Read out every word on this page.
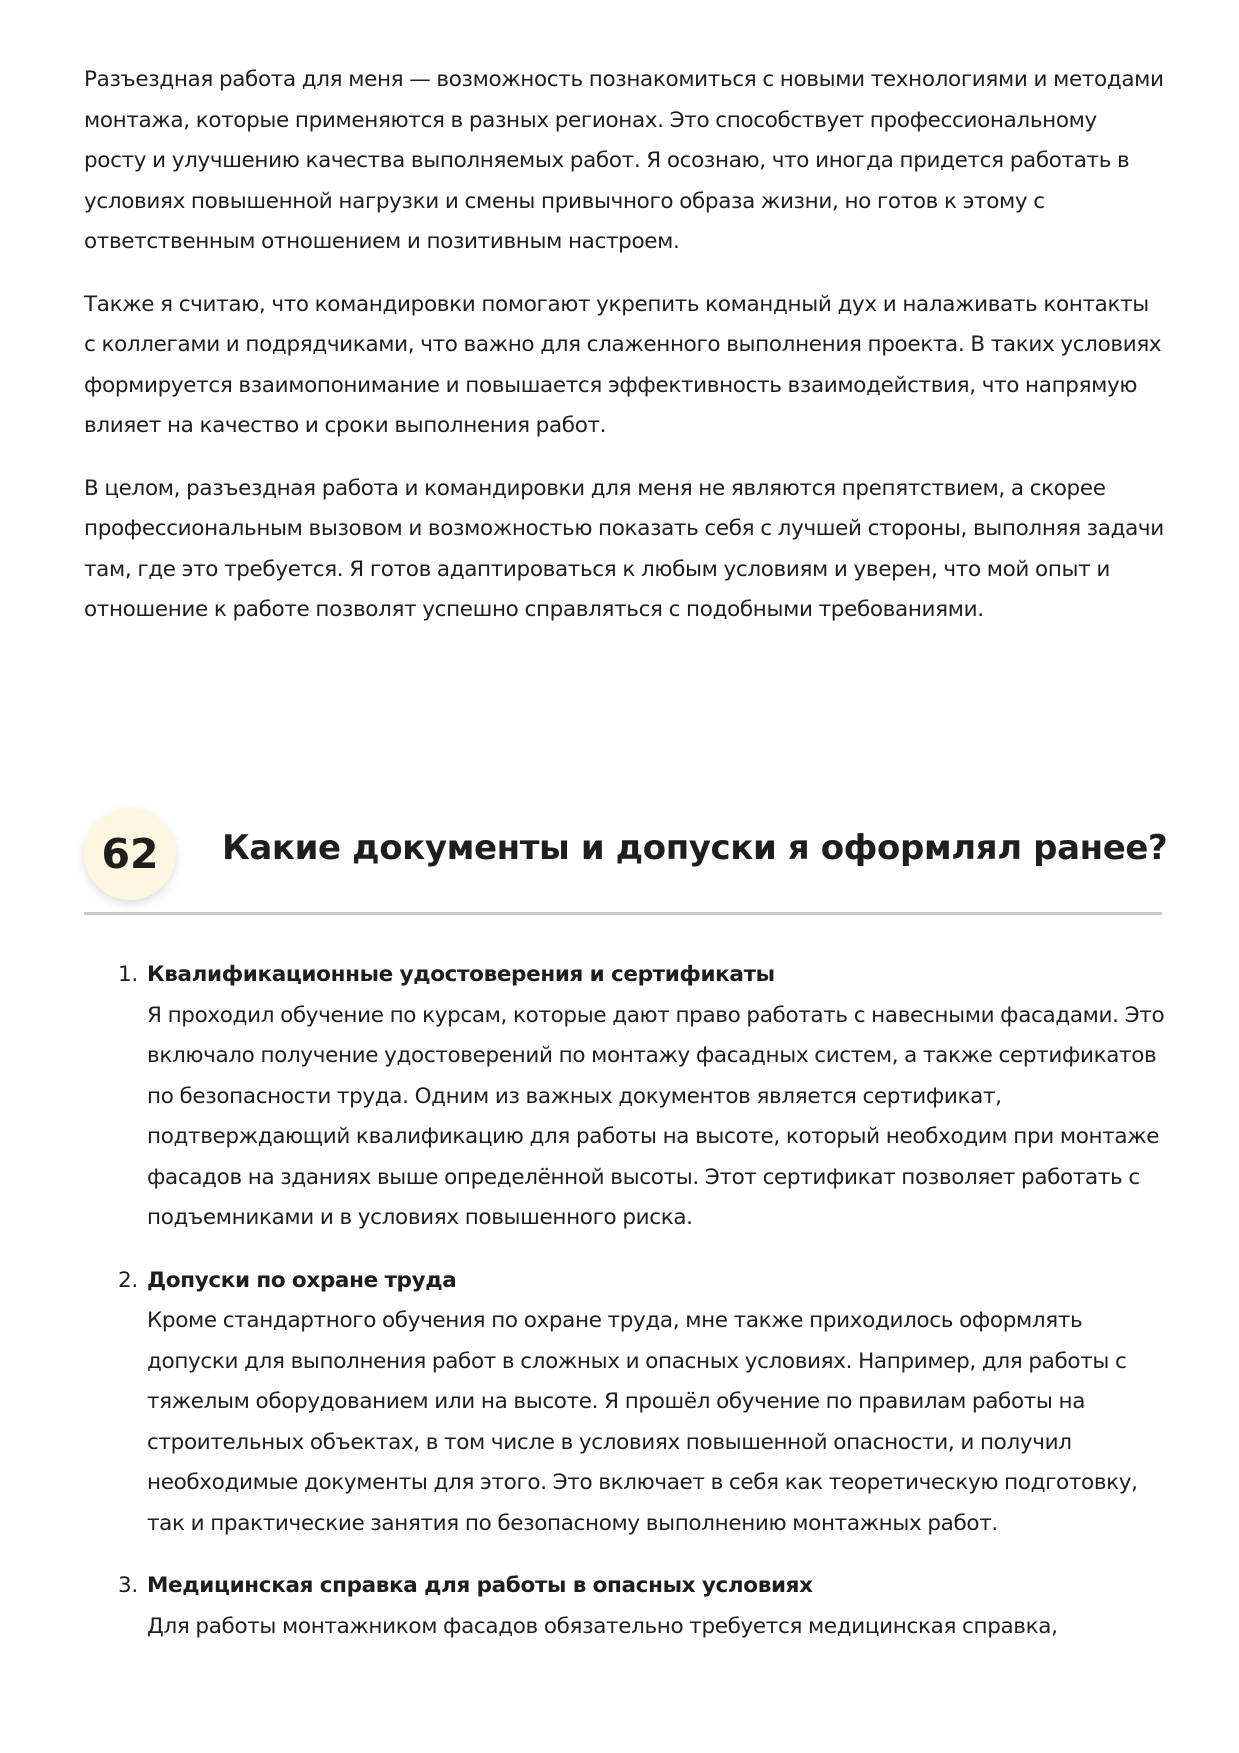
Разъездная работа для меня — возможность познакомиться с новыми технологиями и методами монтажа, которые применяются в разных регионах. Это способствует профессиональному росту и улучшению качества выполняемых работ. Я осознаю, что иногда придется работать в условиях повышенной нагрузки и смены привычного образа жизни, но готов к этому с ответственным отношением и позитивным настроем.

Также я считаю, что командировки помогают укрепить командный дух и налаживать контакты с коллегами и подрядчиками, что важно для слаженного выполнения проекта. В таких условиях формируется взаимопонимание и повышается эффективность взаимодействия, что напрямую влияет на качество и сроки выполнения работ.

В целом, разъездная работа и командировки для меня не являются препятствием, а скорее профессиональным вызовом и возможностью показать себя с лучшей стороны, выполняя задачи там, где это требуется. Я готов адаптироваться к любым условиям и уверен, что мой опыт и отношение к работе позволят успешно справляться с подобными требованиями.

62	Какие документы и допуски я оформлял ранее?
1. Квалификационные удостоверения и сертификаты
Я проходил обучение по курсам, которые дают право работать с навесными фасадами. Это включало получение удостоверений по монтажу фасадных систем, а также сертификатов по безопасности труда. Одним из важных документов является сертификат, подтверждающий квалификацию для работы на высоте, который необходим при монтаже фасадов на зданиях выше определённой высоты. Этот сертификат позволяет работать с подъемниками и в условиях повышенного риска.
2. Допуски по охране труда
Кроме стандартного обучения по охране труда, мне также приходилось оформлять допуски для выполнения работ в сложных и опасных условиях. Например, для работы с тяжелым оборудованием или на высоте. Я прошёл обучение по правилам работы на строительных объектах, в том числе в условиях повышенной опасности, и получил необходимые документы для этого. Это включает в себя как теоретическую подготовку, так и практические занятия по безопасному выполнению монтажных работ.
3. Медицинская справка для работы в опасных условиях
Для работы монтажником фасадов обязательно требуется медицинская справка,
